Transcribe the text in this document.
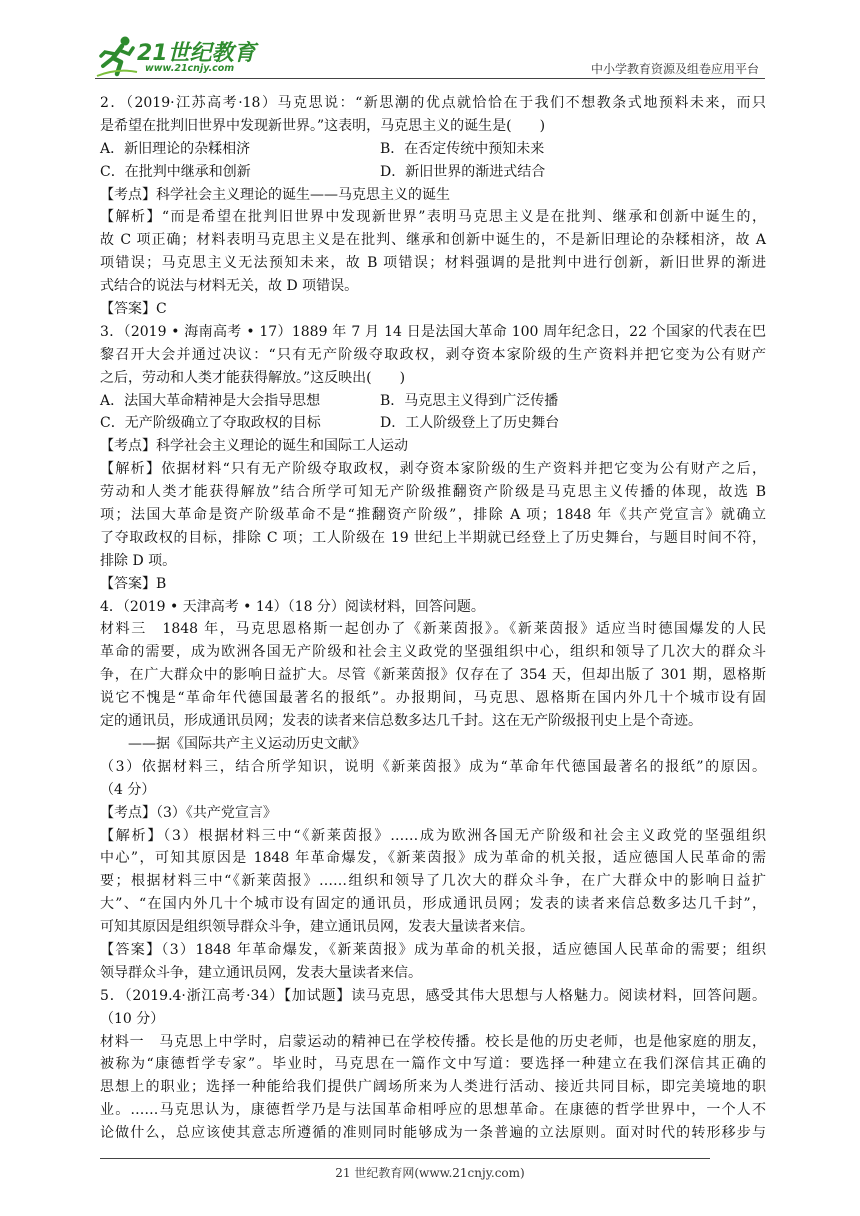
21世纪教育
www.21cnjy.com	中小学教育资源及组卷应用平台
2．（2019·江苏高考·18）马克思说：“新思潮的优点就恰恰在于我们不想教条式地预料未来，而只
是希望在批判旧世界中发现新世界。”这表明，马克思主义的诞生是(　　)
A．新旧理论的杂糅相济	B．在否定传统中预知未来
C．在批判中继承和创新	D．新旧世界的渐进式结合
【考点】科学社会主义理论的诞生——马克思主义的诞生
【解析】“而是希望在批判旧世界中发现新世界”表明马克思主义是在批判、继承和创新中诞生的，
故 C 项正确；材料表明马克思主义是在批判、继承和创新中诞生的，不是新旧理论的杂糅相济，故 A
项错误；马克思主义无法预知未来，故 B 项错误；材料强调的是批判中进行创新，新旧世界的渐进
式结合的说法与材料无关，故 D 项错误。
【答案】C
3．（2019 • 海南高考 • 17）1889 年 7 月 14 日是法国大革命 100 周年纪念日，22 个国家的代表在巴
黎召开大会并通过决议：“只有无产阶级夺取政权，剥夺资本家阶级的生产资料并把它变为公有财产
之后，劳动和人类才能获得解放。”这反映出(　　)
A．法国大革命精神是大会指导思想	B．马克思主义得到广泛传播
C．无产阶级确立了夺取政权的目标	D．工人阶级登上了历史舞台
【考点】科学社会主义理论的诞生和国际工人运动
【解析】依据材料“只有无产阶级夺取政权，剥夺资本家阶级的生产资料并把它变为公有财产之后，
劳动和人类才能获得解放”结合所学可知无产阶级推翻资产阶级是马克思主义传播的体现，故选 B
项；法国大革命是资产阶级革命不是“推翻资产阶级”，排除 A 项；1848 年《共产党宣言》就确立
了夺取政权的目标，排除 C 项；工人阶级在 19 世纪上半期就已经登上了历史舞台，与题目时间不符，
排除 D 项。
【答案】B
4．（2019 • 天津高考 • 14）（18 分）阅读材料，回答问题。
材料三　1848 年，马克思恩格斯一起创办了《新莱茵报》。《新莱茵报》适应当时德国爆发的人民
革命的需要，成为欧洲各国无产阶级和社会主义政党的坚强组织中心，组织和领导了几次大的群众斗
争，在广大群众中的影响日益扩大。尽管《新莱茵报》仅存在了 354 天，但却出版了 301 期，恩格斯
说它不愧是“革命年代德国最著名的报纸”。办报期间，马克思、恩格斯在国内外几十个城市设有固
定的通讯员，形成通讯员网；发表的读者来信总数多达几千封。这在无产阶级报刊史上是个奇迹。
——据《国际共产主义运动历史文献》
（3）依据材料三，结合所学知识，说明《新莱茵报》成为“革命年代德国最著名的报纸”的原因。
（4 分）
【考点】（3）《共产党宣言》
【解析】（3）根据材料三中“《新莱茵报》……成为欧洲各国无产阶级和社会主义政党的坚强组织
中心”，可知其原因是 1848 年革命爆发，《新莱茵报》成为革命的机关报，适应德国人民革命的需
要；根据材料三中“《新莱茵报》……组织和领导了几次大的群众斗争，在广大群众中的影响日益扩
大”、“在国内外几十个城市设有固定的通讯员，形成通讯员网；发表的读者来信总数多达几千封”，
可知其原因是组织领导群众斗争，建立通讯员网，发表大量读者来信。
【答案】（3）1848 年革命爆发，《新莱茵报》成为革命的机关报，适应德国人民革命的需要；组织
领导群众斗争，建立通讯员网，发表大量读者来信。
5．（2019.4·浙江高考·34）【加试题】读马克思，感受其伟大思想与人格魅力。阅读材料，回答问题。
（10 分）
材料一　马克思上中学时，启蒙运动的精神已在学校传播。校长是他的历史老师，也是他家庭的朋友，
被称为“康德哲学专家”。毕业时，马克思在一篇作文中写道：要选择一种建立在我们深信其正确的
思想上的职业；选择一种能给我们提供广阔场所来为人类进行活动、接近共同目标，即完美境地的职
业。……马克思认为，康德哲学乃是与法国革命相呼应的思想革命。在康德的哲学世界中，一个人不
论做什么，总应该使其意志所遵循的准则同时能够成为一条普遍的立法原则。面对时代的转形移步与
21 世纪教育网(www.21cnjy.com)
